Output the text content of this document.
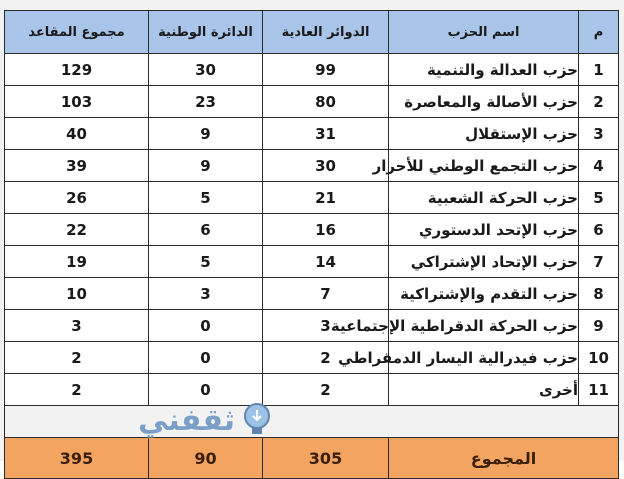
م	اسم الحزب	الدوائر العادية	الدائرة الوطنية	مجموع المقاعد
1	حزب العدالة والتنمية	99	30	129
2	حزب الأصالة والمعاصرة	80	23	103
3	حزب الإستقلال	31	9	40
4	حزب التجمع الوطني للأحرار	30	9	39
5	حزب الحركة الشعبية	21	5	26
6	حزب الإتحد الدستوري	16	6	22
7	حزب الإتحاد الإشتراكي	14	5	19
8	حزب التقدم والإشتراكية	7	3	10
9	حزب الحركة الدقراطية الإجتماعية	3	0	3
10	حزب فيدرالية اليسار الدمقراطي	2	0	2
11	أخرى	2	0	2

المجموع		305	90	395
ثقفني
